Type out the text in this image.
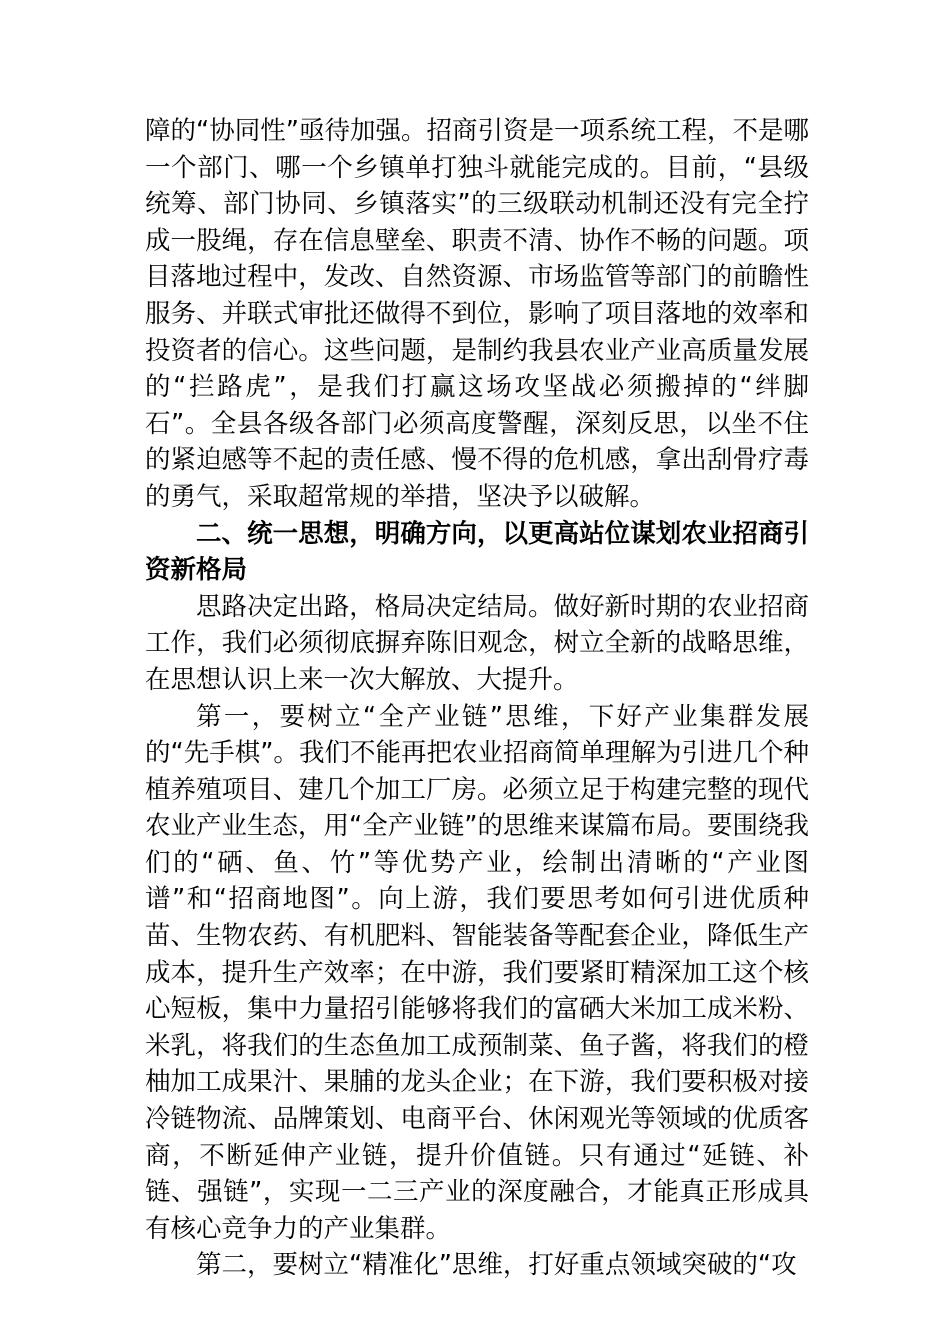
障的“协同性”亟待加强。招商引资是一项系统工程，不是哪一个部门、哪一个乡镇单打独斗就能完成的。目前，“县级统筹、部门协同、乡镇落实”的三级联动机制还没有完全拧成一股绳，存在信息壁垒、职责不清、协作不畅的问题。项目落地过程中，发改、自然资源、市场监管等部门的前瞻性服务、并联式审批还做得不到位，影响了项目落地的效率和投资者的信心。这些问题，是制约我县农业产业高质量发展的“拦路虎”，是我们打赢这场攻坚战必须搬掉的“绊脚石”。全县各级各部门必须高度警醒，深刻反思，以坐不住的紧迫感等不起的责任感、慢不得的危机感，拿出刮骨疗毒的勇气，采取超常规的举措，坚决予以破解。

二、统一思想，明确方向，以更高站位谋划农业招商引资新格局

思路决定出路，格局决定结局。做好新时期的农业招商工作，我们必须彻底摒弃陈旧观念，树立全新的战略思维，在思想认识上来一次大解放、大提升。

第一，要树立“全产业链”思维，下好产业集群发展的“先手棋”。我们不能再把农业招商简单理解为引进几个种植养殖项目、建几个加工厂房。必须立足于构建完整的现代农业产业生态，用“全产业链”的思维来谋篇布局。要围绕我们的“硒、鱼、竹”等优势产业，绘制出清晰的“产业图谱”和“招商地图”。向上游，我们要思考如何引进优质种苗、生物农药、有机肥料、智能装备等配套企业，降低生产成本，提升生产效率；在中游，我们要紧盯精深加工这个核心短板，集中力量招引能够将我们的富硒大米加工成米粉、米乳，将我们的生态鱼加工成预制菜、鱼子酱，将我们的橙柚加工成果汁、果脯的龙头企业；在下游，我们要积极对接冷链物流、品牌策划、电商平台、休闲观光等领域的优质客商，不断延伸产业链，提升价值链。只有通过“延链、补链、强链”，实现一二三产业的深度融合，才能真正形成具有核心竞争力的产业集群。

第二，要树立“精准化”思维，打好重点领域突破的“攻
